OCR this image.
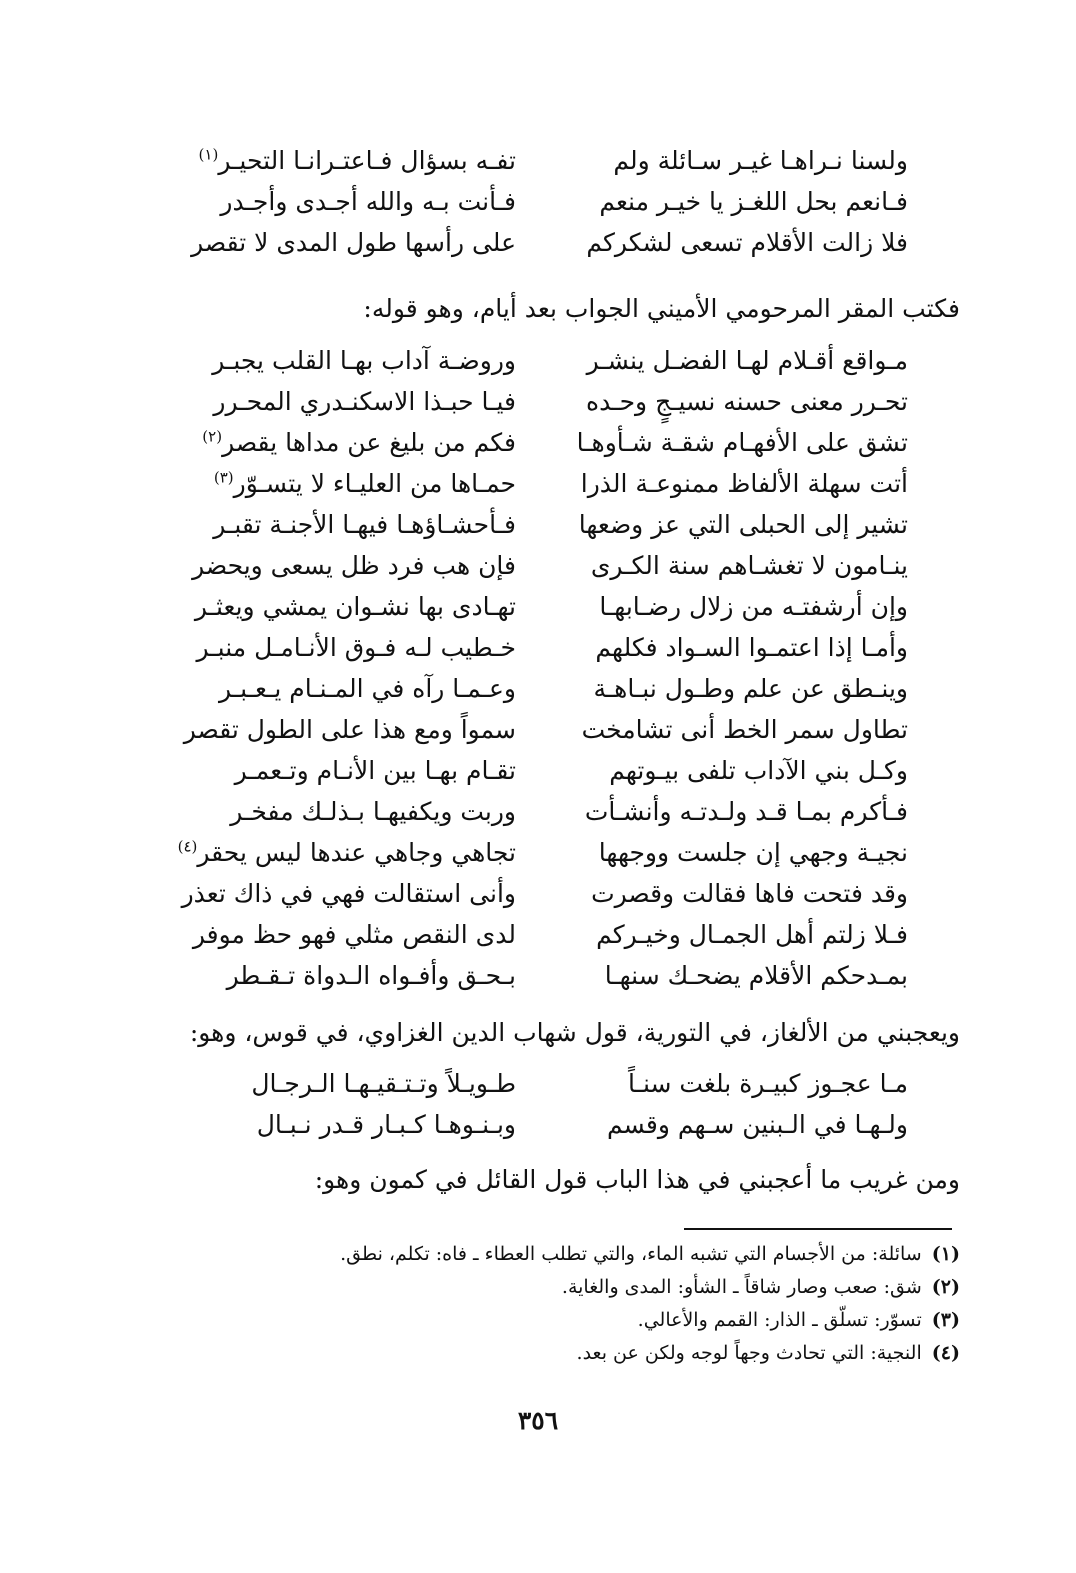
ولسنا نـراهـا غيـر سـائلة ولم
تفـه بسؤال فـاعتـرانـا التحيـر$^{(١)}$
فـانعم بحل اللغـز يا خيـر منعم
فـأنت بـه والله أجـدى وأجـدر
فلا زالت الأقلام تسعى لشكركم
على رأسها طول المدى لا تقصر
فكتب المقر المرحومي الأميني الجواب بعد أيام، وهو قوله:
مـواقع أقـلام لهـا الفضـل ينشـر
وروضـة آداب بهـا القلب يجبـر
تحـرر معنى حسنه نسيـجٍ وحـده
فيـا حبـذا الاسكنـدري المحـرر
تشق على الأفهـام شقـة شـأوهـا
فكم من بليغ عن مداها يقصر$^{(٢)}$
أتت سهلة الألفاظ ممنوعـة الذرا
حمـاها من العليـاء لا يتسـوّر$^{(٣)}$
تشير إلى الحبلى التي عز وضعها
فـأحشـاؤهـا فيهـا الأجنـة تقبـر
ينـامون لا تغشـاهم سنة الكـرى
فإن هب فرد ظل يسعى ويحضر
وإن أرشفتـه من زلال رضـابهـا
تهـادى بها نشـوان يمشي ويعثـر
وأمـا إذا اعتمـوا السـواد فكلهم
خـطيب لـه فـوق الأنـامـل منبـر
وينـطق عن علم وطـول نبـاهـة
وعـمـا رآه في المـنـام يـعـبـر
تطاول سمر الخط أنى تشامخت
سمواً ومع هذا على الطول تقصر
وكـل بني الآداب تلفى بيـوتهم
تقـام بهـا بين الأنـام وتـعمـر
فـأكرم بمـا قـد ولـدتـه وأنشـأت
وربت ويكفيهـا بـذلـك مفخـر
نجيـة وجهي إن جلست ووجهها
تجاهي وجاهي عندها ليس يحقر$^{(٤)}$
وقد فتحت فاها فقالت وقصرت
وأنى استقالت فهي في ذاك تعذر
فـلا زلتم أهل الجمـال وخيـركم
لدى النقص مثلي فهو حظ موفر
بمـدحكم الأقلام يضحـك سنهـا
بـحـق وأفـواه الـدواة تـقـطر
ويعجبني من الألغاز، في التورية، قول شهاب الدين الغزاوي، في قوس، وهو:
مـا عجـوز كبيـرة بلغت سنـاً
طـويـلاً وتـتـقيـهـا الـرجـال
ولـهـا في الـبنين سـهم وقسم
وبـنـوهـا كـبـار قـدر نـبـال
ومن غريب ما أعجبني في هذا الباب قول القائل في كمون وهو:
(١) سائلة: من الأجسام التي تشبه الماء، والتي تطلب العطاء ـ فاه: تكلم، نطق.
(٢) شق: صعب وصار شاقاً ـ الشأو: المدى والغاية.
(٣) تسوّر: تسلّق ـ الذار: القمم والأعالي.
(٤) النجية: التي تحادث وجهاً لوجه ولكن عن بعد.
٣٥٦
